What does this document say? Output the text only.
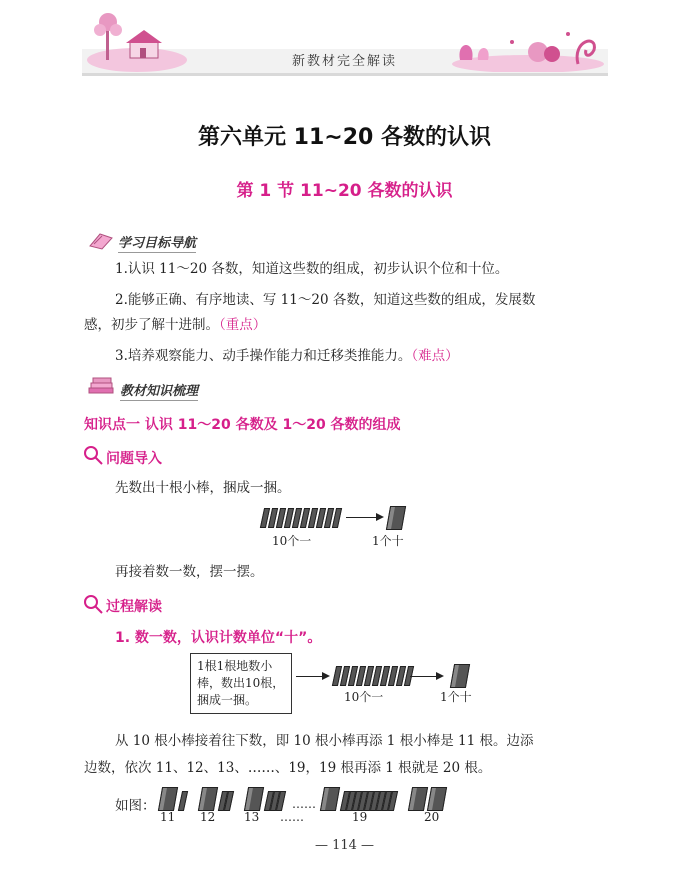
新教材完全解读
第六单元 11~20 各数的认识
第 1 节 11~20 各数的认识
学习目标导航
1.认识 11～20 各数，知道这些数的组成，初步认识个位和十位。
2.能够正确、有序地读、写 11～20 各数，知道这些数的组成，发展数
感，初步了解十进制。（重点）
3.培养观察能力、动手操作能力和迁移类推能力。（难点）
教材知识梳理
知识点一 认识 11～20 各数及 1～20 各数的组成
问题导入
先数出十根小棒，捆成一捆。
10个一	1个十
再接着数一数，摆一摆。
过程解读
1. 数一数，认识计数单位“十”。
1根1根地数小
棒，数出10根，
捆成一捆。	10个一	1个十
从 10 根小棒接着往下数，即 10 根小棒再添 1 根小棒是 11 根。边添
边数，依次 11、12、13、……、19，19 根再添 1 根就是 20 根。
如图：	……
11 12 13 ……	19	20
— 114 —
